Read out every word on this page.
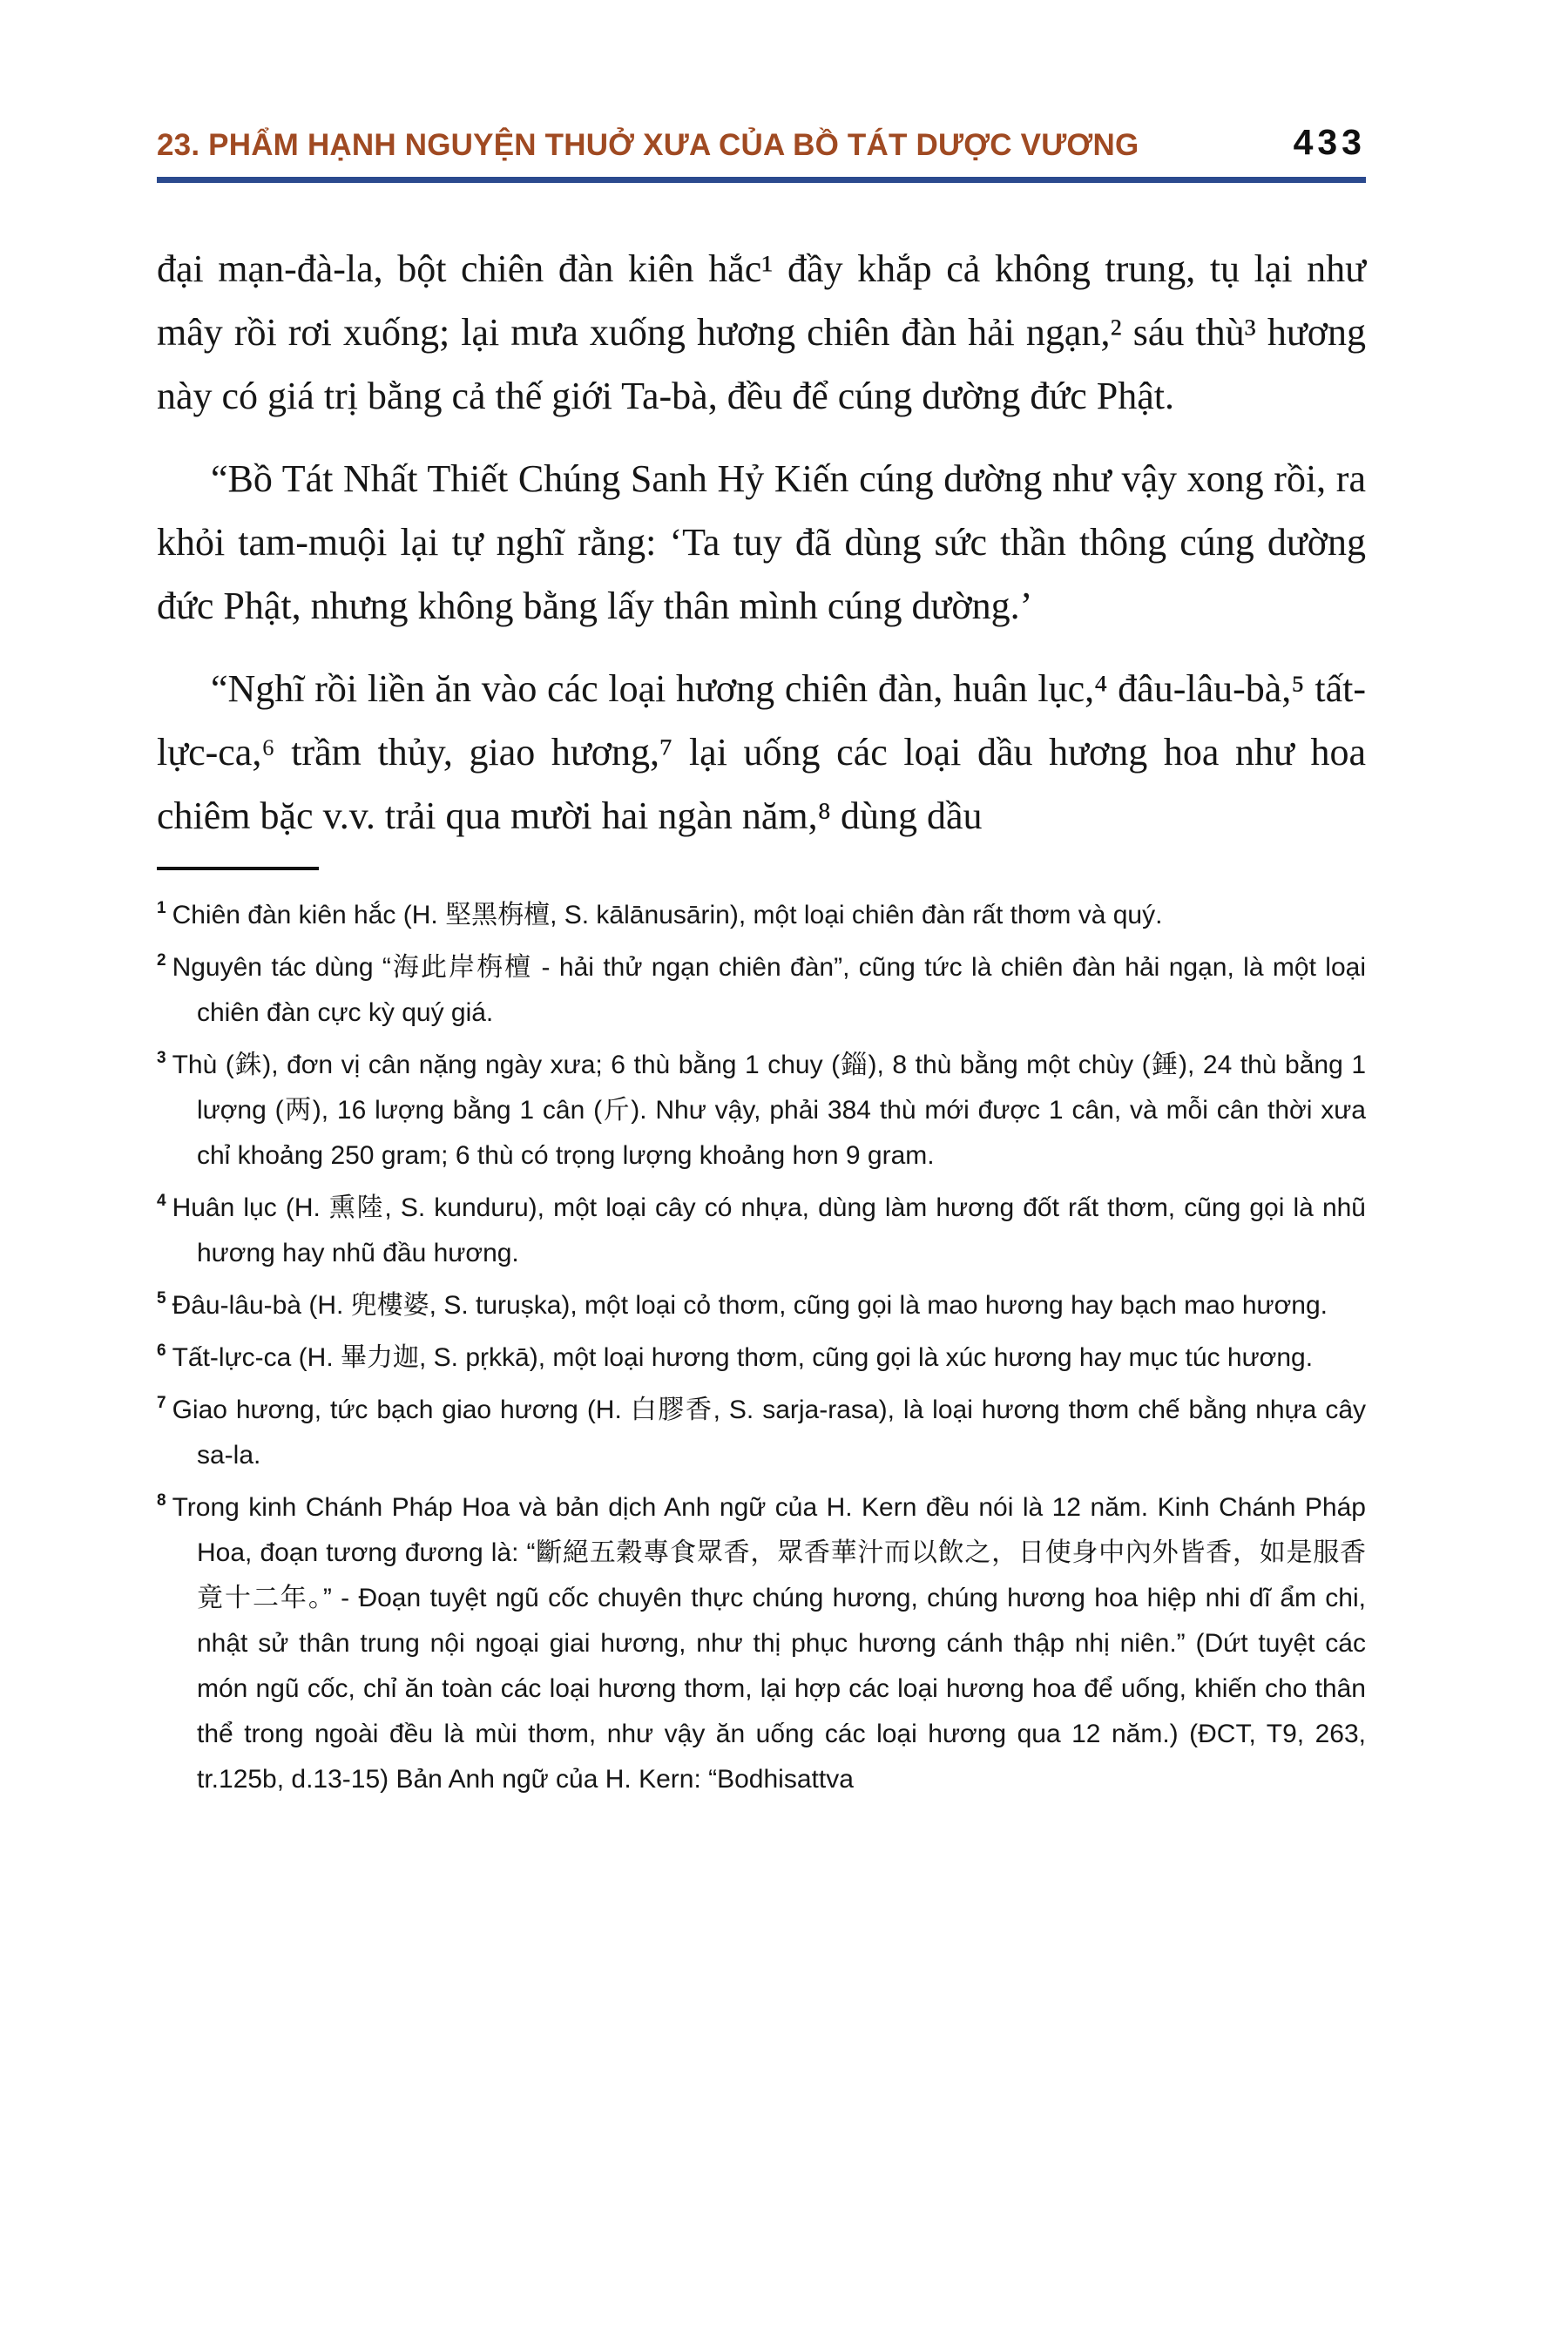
23. PHẨM HẠNH NGUYỆN THUỞ XƯA CỦA BỒ TÁT DƯỢC VƯƠNG	433

đại mạn-đà-la, bột chiên đàn kiên hắc¹ đầy khắp cả không trung, tụ lại như mây rồi rơi xuống; lại mưa xuống hương chiên đàn hải ngạn,² sáu thù³ hương này có giá trị bằng cả thế giới Ta-bà, đều để cúng dường đức Phật.

“Bồ Tát Nhất Thiết Chúng Sanh Hỷ Kiến cúng dường như vậy xong rồi, ra khỏi tam-muội lại tự nghĩ rằng: ‘Ta tuy đã dùng sức thần thông cúng dường đức Phật, nhưng không bằng lấy thân mình cúng dường.’

“Nghĩ rồi liền ăn vào các loại hương chiên đàn, huân lục,⁴ đâu-lâu-bà,⁵ tất-lực-ca,⁶ trầm thủy, giao hương,⁷ lại uống các loại dầu hương hoa như hoa chiêm bặc v.v. trải qua mười hai ngàn năm,⁸ dùng dầu

$^1$ Chiên đàn kiên hắc (H. 堅黑栴檀, S. kālānusārin), một loại chiên đàn rất thơm và quý.
$^2$ Nguyên tác dùng “海此岸栴檀 - hải thử ngạn chiên đàn”, cũng tức là chiên đàn hải ngạn, là một loại chiên đàn cực kỳ quý giá.
$^3$ Thù (銖), đơn vị cân nặng ngày xưa; 6 thù bằng 1 chuy (錙), 8 thù bằng một chùy (錘), 24 thù bằng 1 lượng (两), 16 lượng bằng 1 cân (斤). Như vậy, phải 384 thù mới được 1 cân, và mỗi cân thời xưa chỉ khoảng 250 gram; 6 thù có trọng lượng khoảng hơn 9 gram.
$^4$ Huân lục (H. 熏陸, S. kunduru), một loại cây có nhựa, dùng làm hương đốt rất thơm, cũng gọi là nhũ hương hay nhũ đầu hương.
$^5$ Đâu-lâu-bà (H. 兜樓婆, S. turuṣka), một loại cỏ thơm, cũng gọi là mao hương hay bạch mao hương.
$^6$ Tất-lực-ca (H. 畢力迦, S. pṛkkā), một loại hương thơm, cũng gọi là xúc hương hay mục túc hương.
$^7$ Giao hương, tức bạch giao hương (H. 白膠香, S. sarja-rasa), là loại hương thơm chế bằng nhựa cây sa-la.
$^8$ Trong kinh Chánh Pháp Hoa và bản dịch Anh ngữ của H. Kern đều nói là 12 năm. Kinh Chánh Pháp Hoa, đoạn tương đương là: “斷絕五穀專食眾香，眾香華汁而以飲之，日使身中內外皆香，如是服香竟十二年。” - Đoạn tuyệt ngũ cốc chuyên thực chúng hương, chúng hương hoa hiệp nhi dĩ ẩm chi, nhật sử thân trung nội ngoại giai hương, như thị phục hương cánh thập nhị niên.” (Dứt tuyệt các món ngũ cốc, chỉ ăn toàn các loại hương thơm, lại hợp các loại hương hoa để uống, khiến cho thân thể trong ngoài đều là mùi thơm, như vậy ăn uống các loại hương qua 12 năm.) (ĐCT, T9, 263, tr.125b, d.13-15) Bản Anh ngữ của H. Kern: “Bodhisattva
